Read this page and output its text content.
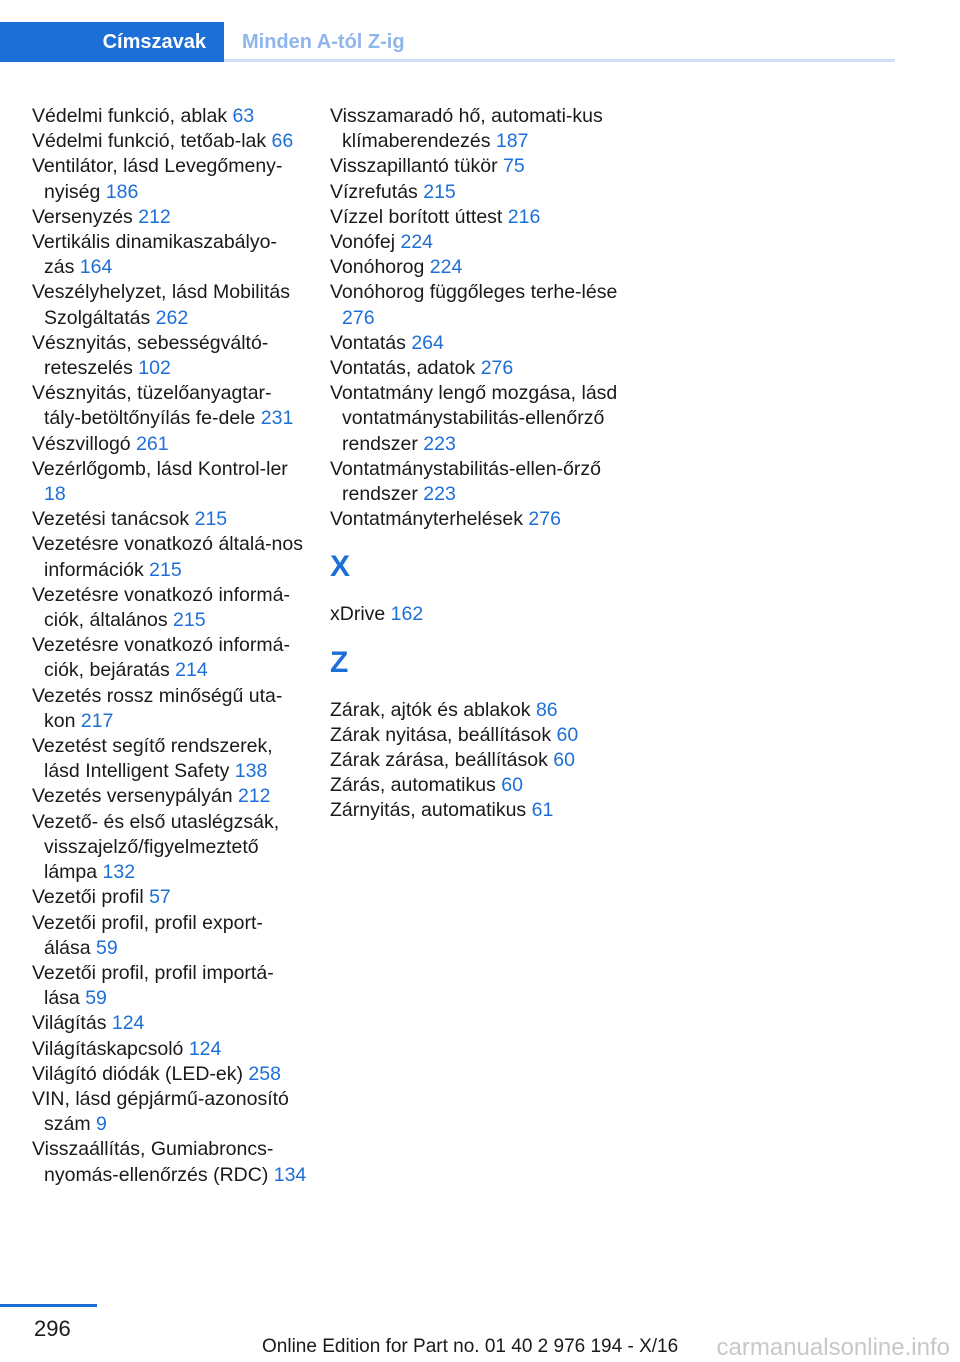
Címszavak Minden A-tól Z-ig
Védelmi funkció, ablak 63
Védelmi funkció, tetőab-lak 66
Ventilátor, lásd Levegőmeny-nyiség 186
Versenyzés 212
Vertikális dinamikaszabályo-zás 164
Veszélyhelyzet, lásd Mobilitás Szolgáltatás 262
Vésznyitás, sebességváltó-reteszelés 102
Vésznyitás, tüzelőanyagtar-tály-betöltőnyílás fe-dele 231
Vészvillogó 261
Vezérlőgomb, lásd Kontrol-ler 18
Vezetési tanácsok 215
Vezetésre vonatkozó általá-nos információk 215
Vezetésre vonatkozó informá-ciók, általános 215
Vezetésre vonatkozó informá-ciók, bejáratás 214
Vezetés rossz minőségű uta-kon 217
Vezetést segítő rendszerek, lásd Intelligent Safety 138
Vezetés versenypályán 212
Vezető- és első utaslégzsák, visszajelző/figyelmeztető lámpa 132
Vezetői profil 57
Vezetői profil, profil export-álása 59
Vezetői profil, profil importá-lása 59
Világítás 124
Világításkapcsoló 124
Világító diódák (LED-ek) 258
VIN, lásd gépjármű-azonosító szám 9
Visszaállítás, Gumiabroncs-nyomás-ellenőrzés (RDC) 134
Visszamaradó hő, automati-kus klímaberendezés 187
Visszapillantó tükör 75
Vízrefutás 215
Vízzel borított úttest 216
Vonófej 224
Vonóhorog 224
Vonóhorog függőleges terhe-lése 276
Vontatás 264
Vontatás, adatok 276
Vontatmány lengő mozgása, lásd vontatmánystabilitás-ellenőrző rendszer 223
Vontatmánystabilitás-ellen-őrző rendszer 223
Vontatmányterhelések 276
X
xDrive 162
Z
Zárak, ajtók és ablakok 86
Zárak nyitása, beállítások 60
Zárak zárása, beállítások 60
Zárás, automatikus 60
Zárnyitás, automatikus 61
296
Online Edition for Part no. 01 40 2 976 194 - X/16 carmanualsonline.info
